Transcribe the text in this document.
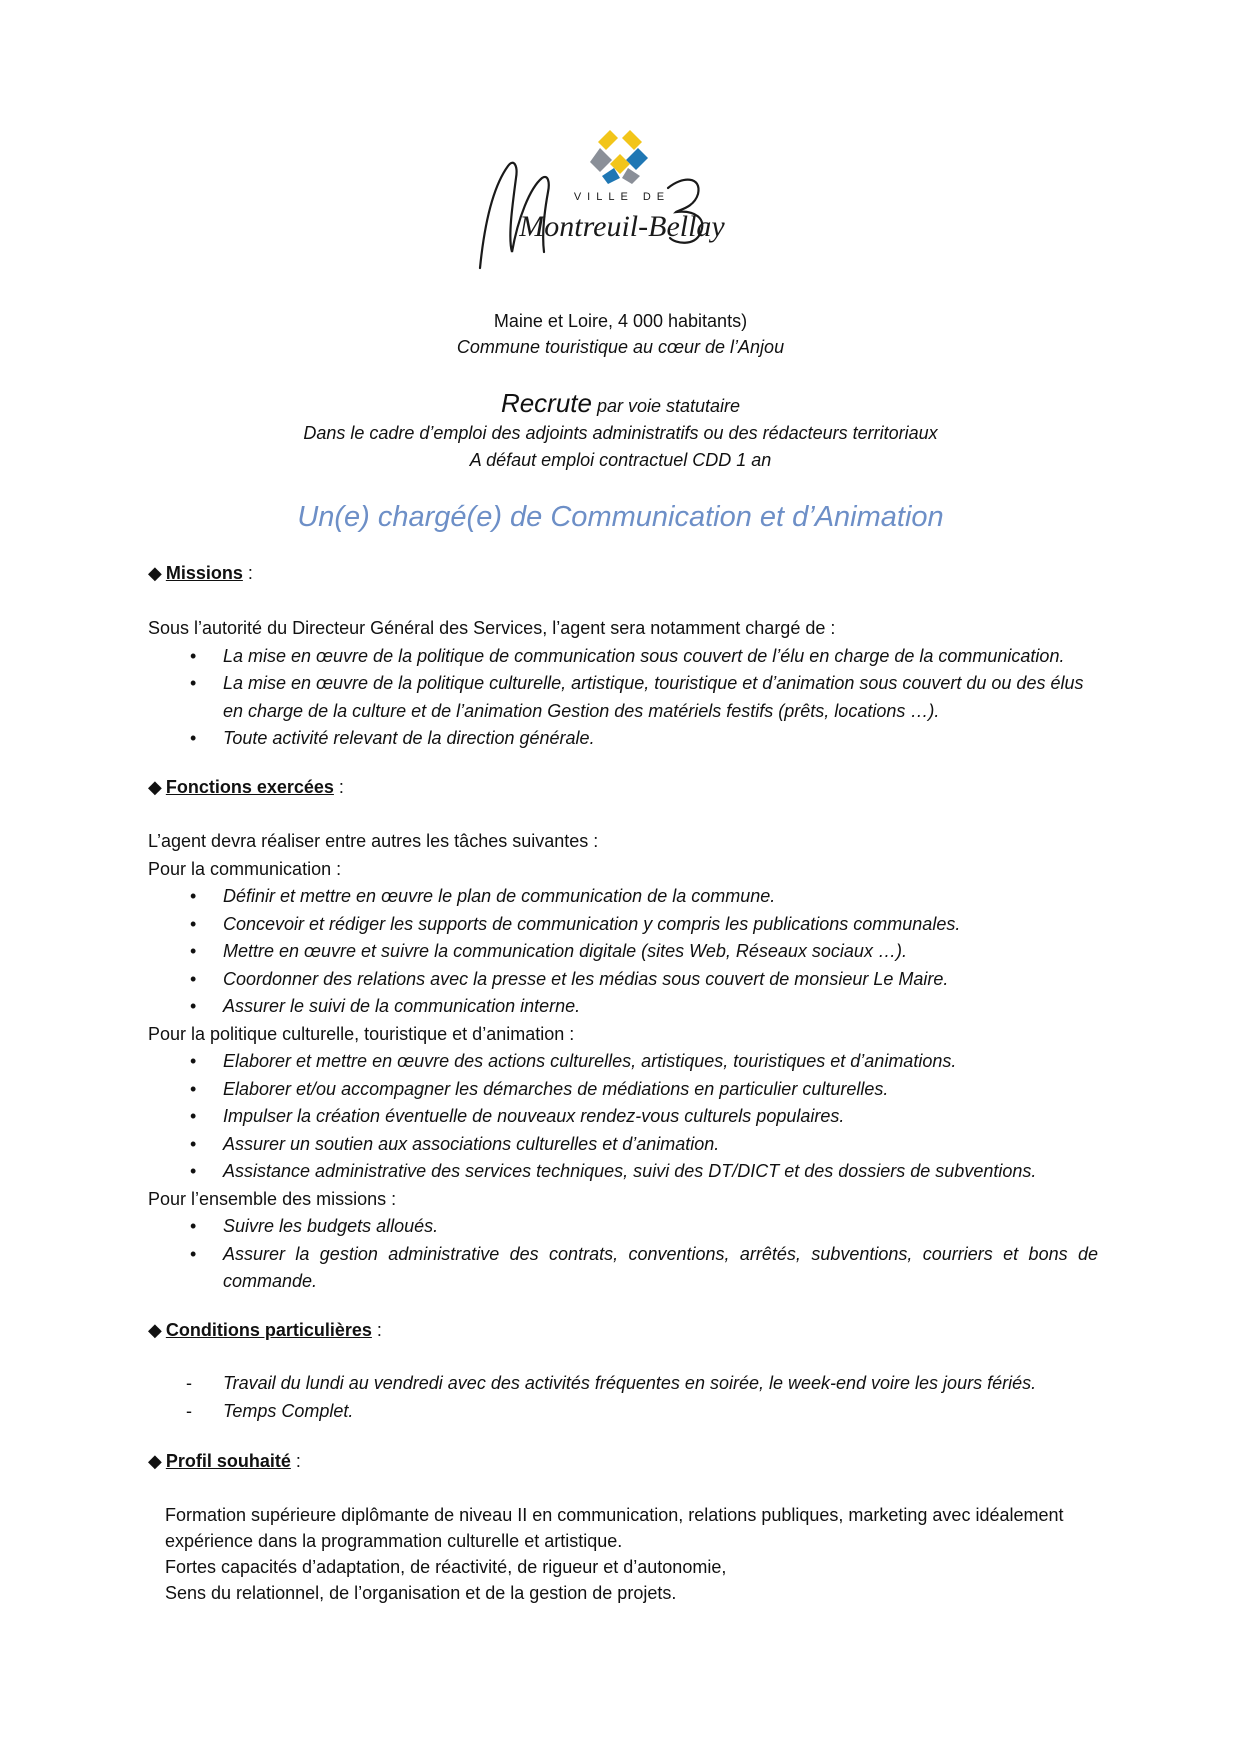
VILLE DE
Montreuil-Bellay
Maine et Loire, 4 000 habitants)
Commune touristique au cœur de l’Anjou
Recrute par voie statutaire
Dans le cadre d’emploi des adjoints administratifs ou des rédacteurs territoriaux
A défaut emploi contractuel CDD 1 an
Un(e) chargé(e) de Communication et d’Animation
◆ Missions :
Sous l’autorité du Directeur Général des Services, l’agent sera notamment chargé de :
• La mise en œuvre de la politique de communication sous couvert de l’élu en charge de la communication.
• La mise en œuvre de la politique culturelle, artistique, touristique et d’animation sous couvert du ou des élus en charge de la culture et de l’animation Gestion des matériels festifs (prêts, locations …).
• Toute activité relevant de la direction générale.
◆ Fonctions exercées :
L’agent devra réaliser entre autres les tâches suivantes :
Pour la communication :
• Définir et mettre en œuvre le plan de communication de la commune.
• Concevoir et rédiger les supports de communication y compris les publications communales.
• Mettre en œuvre et suivre la communication digitale (sites Web, Réseaux sociaux …).
• Coordonner des relations avec la presse et les médias sous couvert de monsieur Le Maire.
• Assurer le suivi de la communication interne.
Pour la politique culturelle, touristique et d’animation :
• Elaborer et mettre en œuvre des actions culturelles, artistiques, touristiques et d’animations.
• Elaborer et/ou accompagner les démarches de médiations en particulier culturelles.
• Impulser la création éventuelle de nouveaux rendez-vous culturels populaires.
• Assurer un soutien aux associations culturelles et d’animation.
• Assistance administrative des services techniques, suivi des DT/DICT et des dossiers de subventions.
Pour l’ensemble des missions :
• Suivre les budgets alloués.
• Assurer la gestion administrative des contrats, conventions, arrêtés, subventions, courriers et bons de commande.
◆ Conditions particulières :
- Travail du lundi au vendredi avec des activités fréquentes en soirée, le week-end voire les jours fériés.
- Temps Complet.
◆ Profil souhaité :
Formation supérieure diplômante de niveau II en communication, relations publiques, marketing avec idéalement expérience dans la programmation culturelle et artistique.
Fortes capacités d’adaptation, de réactivité, de rigueur et d’autonomie,
Sens du relationnel, de l’organisation et de la gestion de projets.
